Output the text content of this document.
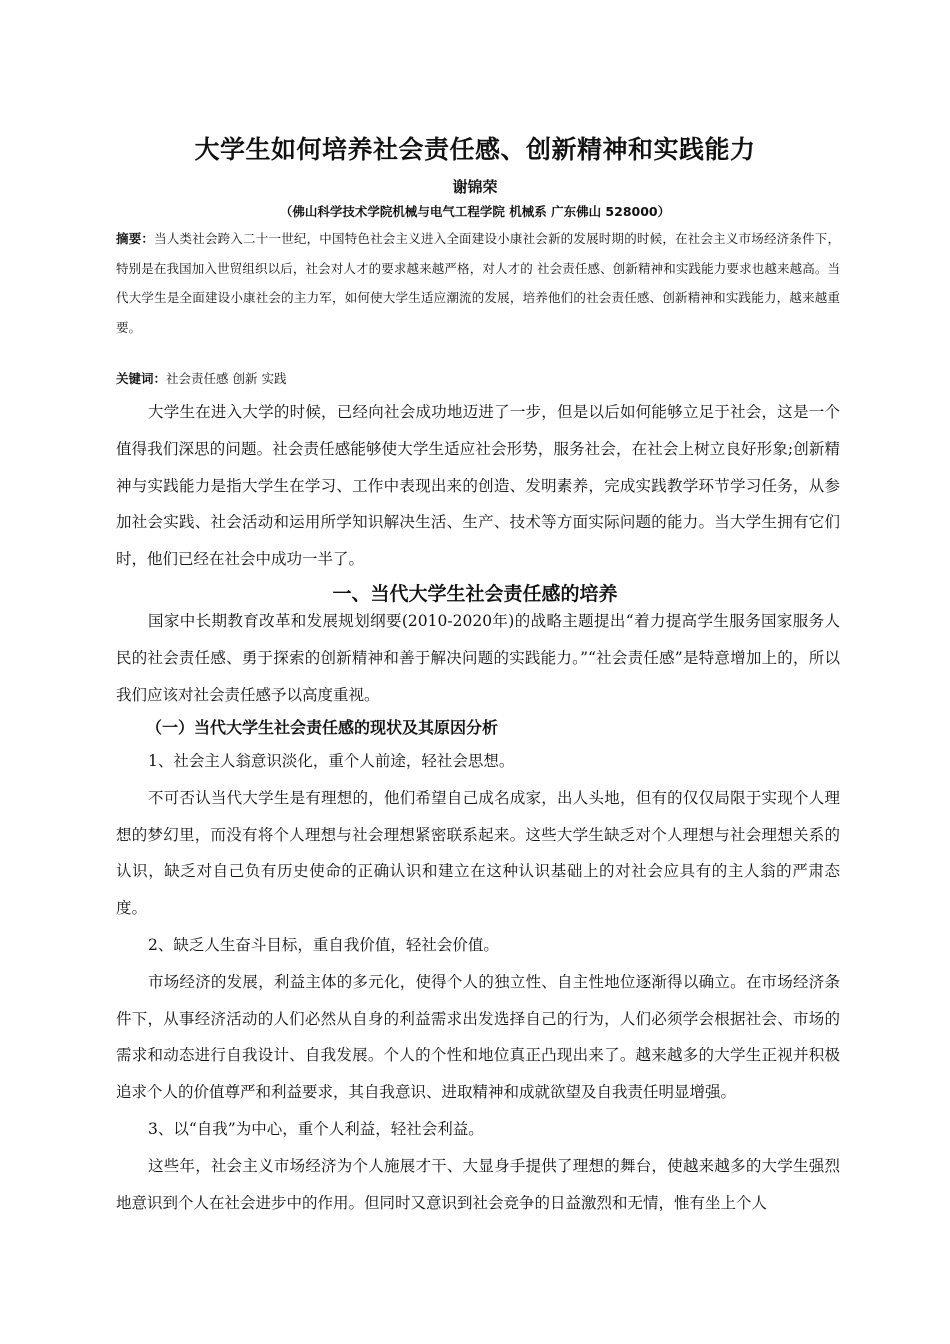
大学生如何培养社会责任感、创新精神和实践能力
谢锦荣
（佛山科学技术学院机械与电气工程学院 机械系 广东佛山 528000）
摘要：当人类社会跨入二十一世纪，中国特色社会主义进入全面建设小康社会新的发展时期的时候，在社会主义市场经济条件下，特别是在我国加入世贸组织以后，社会对人才的要求越来越严格，对人才的 社会责任感、创新精神和实践能力要求也越来越高。当代大学生是全面建设小康社会的主力军，如何使大学生适应潮流的发展，培养他们的社会责任感、创新精神和实践能力，越来越重要。
关键词：社会责任感 创新 实践

大学生在进入大学的时候，已经向社会成功地迈进了一步，但是以后如何能够立足于社会，这是一个值得我们深思的问题。社会责任感能够使大学生适应社会形势，服务社会，在社会上树立良好形象;创新精神与实践能力是指大学生在学习、工作中表现出来的创造、发明素养，完成实践教学环节学习任务，从参加社会实践、社会活动和运用所学知识解决生活、生产、技术等方面实际问题的能力。当大学生拥有它们时，他们已经在社会中成功一半了。

一、当代大学生社会责任感的培养

国家中长期教育改革和发展规划纲要(2010-2020年)的战略主题提出“着力提高学生服务国家服务人民的社会责任感、勇于探索的创新精神和善于解决问题的实践能力。”“社会责任感”是特意增加上的，所以我们应该对社会责任感予以高度重视。

（一）当代大学生社会责任感的现状及其原因分析

1、社会主人翁意识淡化，重个人前途，轻社会思想。

不可否认当代大学生是有理想的，他们希望自己成名成家，出人头地，但有的仅仅局限于实现个人理想的梦幻里，而没有将个人理想与社会理想紧密联系起来。这些大学生缺乏对个人理想与社会理想关系的认识，缺乏对自己负有历史使命的正确认识和建立在这种认识基础上的对社会应具有的主人翁的严肃态度。

2、缺乏人生奋斗目标，重自我价值，轻社会价值。

市场经济的发展，利益主体的多元化，使得个人的独立性、自主性地位逐渐得以确立。在市场经济条件下，从事经济活动的人们必然从自身的利益需求出发选择自己的行为，人们必须学会根据社会、市场的需求和动态进行自我设计、自我发展。个人的个性和地位真正凸现出来了。越来越多的大学生正视并积极追求个人的价值尊严和利益要求，其自我意识、进取精神和成就欲望及自我责任明显增强。

3、以“自我”为中心，重个人利益，轻社会利益。

这些年，社会主义市场经济为个人施展才干、大显身手提供了理想的舞台，使越来越多的大学生强烈地意识到个人在社会进步中的作用。但同时又意识到社会竞争的日益激烈和无情，惟有坐上个人
